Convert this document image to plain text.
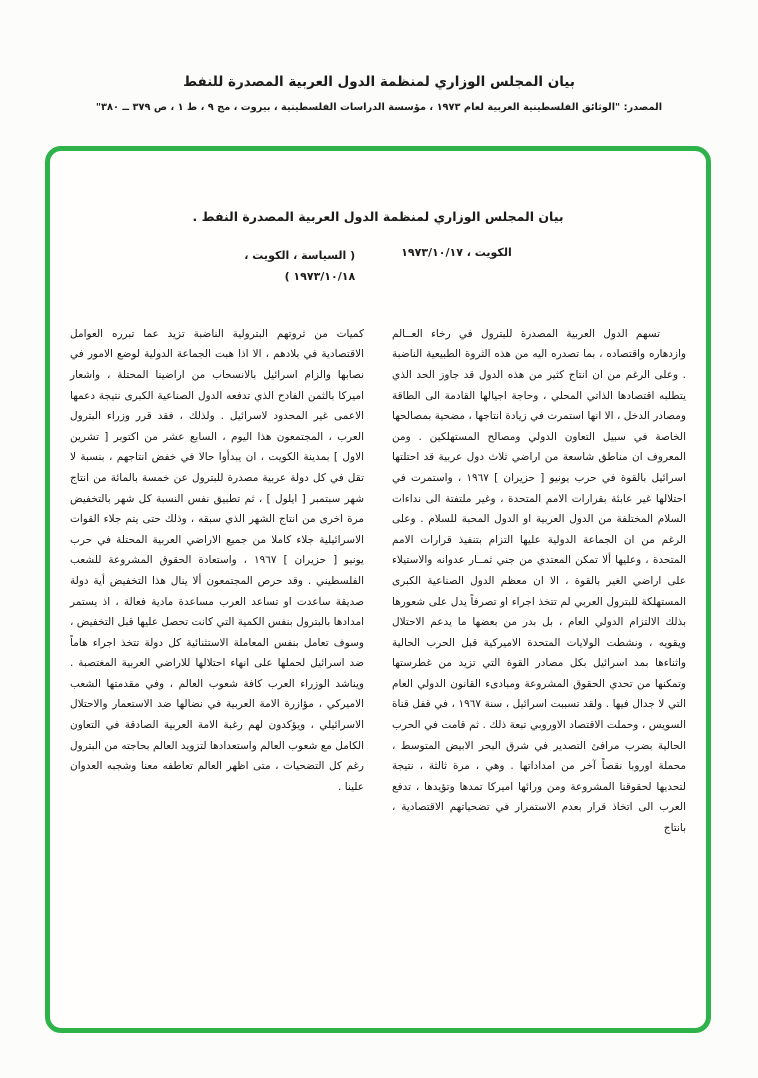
بيان المجلس الوزاري لمنظمة الدول العربية المصدرة للنفط
المصدر: "الوثائق الفلسطينية العربية لعام ١٩٧٣ ، مؤسسة الدراسات الفلسطينية ، بيروت ، مج ٩ ، ط ١ ، ص ٣٧٩ ــ ٣٨٠"
بيان المجلس الوزاري لمنظمة الدول العربية المصدرة النفط .
الكويت ، ١٩٧٣/١٠/١٧
( السياسة ، الكويت ،
١٩٧٣/١٠/١٨ )
تسهم الدول العربية المصدرة للبترول في رخاء العــالم وازدهاره واقتصاده ، بما تصدره اليه من هذه الثروة الطبيعية الناضبة . وعلى الرغم من ان انتاج كثير من هذه الدول قد جاوز الحد الذي يتطلبه اقتصادها الذاتي المحلي ، وحاجة اجيالها القادمة الى الطاقة ومصادر الدخل ، الا انها استمرت في زيادة انتاجها ، مضحية بمصالحها الخاصة في سبيل التعاون الدولي ومصالح المستهلكين . ومن المعروف ان مناطق شاسعة من اراضي ثلاث دول عربية قد احتلتها اسرائيل بالقوة في حرب يونيو [ حزيران ] ١٩٦٧ ، واستمرت في احتلالها غير عابئة بقرارات الامم المتحدة ، وغير ملتفتة الى نداءات السلام المختلفة من الدول العربية او الدول المحبة للسلام . وعلى الرغم من ان الجماعة الدولية عليها التزام بتنفيذ قرارات الامم المتحدة ، وعليها ألا تمكن المعتدي من جني ثمــار عدوانه والاستيلاء على اراضي الغير بالقوة ، الا ان معظم الدول الصناعية الكبرى المستهلكة للبترول العربي لم تتخذ اجراء او تصرفاً يدل على شعورها بذلك الالتزام الدولي العام ، بل بدر من بعضها ما يدعم الاحتلال ويقويه ، ونشطت الولايات المتحدة الاميركية قبل الحرب الحالية واثناءها بمد اسرائيل بكل مصادر القوة التي تزيد من غطرستها وتمكنها من تحدي الحقوق المشروعة ومبادىء القانون الدولي العام التي لا جدال فيها . ولقد تسببت اسرائيل ، سنة ١٩٦٧ ، في قفل قناة السويس ، وحملت الاقتصاد الاوروبي تبعة ذلك . ثم قامت في الحرب الحالية بضرب مرافئ التصدير في شرق البحر الابيض المتوسط ، محملة اوروبا نقصاً آخر من امداداتها . وهي ، مرة ثالثة ، نتيجة لتحديها لحقوقنا المشروعة ومن ورائها اميركا تمدها وتؤيدها ، تدفع العرب الى اتخاذ قرار بعدم الاستمرار في تضحياتهم الاقتصادية ، بانتاج
كميات من ثروتهم البترولية الناضبة تزيد عما تبرره العوامل الاقتصادية في بلادهم ، الا اذا هبت الجماعة الدولية لوضع الامور في نصابها والزام اسرائيل بالانسحاب من اراضينا المحتلة ، واشعار اميركا بالثمن الفادح الذي تدفعه الدول الصناعية الكبرى نتيجة دعمها الاعمى غير المحدود لاسرائيل . ولذلك ، فقد قرر وزراء البترول العرب ، المجتمعون هذا اليوم ، السابع عشر من اكتوبر [ تشرين الاول ] بمدينة الكويت ، ان يبدأوا حالا في خفض انتاجهم ، بنسبة لا تقل في كل دولة عربية مصدرة للبترول عن خمسة بالمائة من انتاج شهر سبتمبر [ ايلول ] ، ثم تطبيق نفس النسبة كل شهر بالتخفيض مرة اخرى من انتاج الشهر الذي سبقه ، وذلك حتى يتم جلاء القوات الاسرائيلية جلاء كاملا من جميع الاراضي العربية المحتلة في حرب يونيو [ حزيران ] ١٩٦٧ ، واستعادة الحقوق المشروعة للشعب الفلسطيني . وقد حرص المجتمعون ألا ينال هذا التخفيض أية دولة صديقة ساعدت او تساعد العرب مساعدة مادية فعالة ، اذ يستمر امدادها بالبترول بنفس الكمية التي كانت تحصل عليها قبل التخفيض ، وسوف تعامل بنفس المعاملة الاستثنائية كل دولة تتخذ اجراء هاماً ضد اسرائيل لحملها على انهاء احتلالها للاراضي العربية المغتصبة . ويناشد الوزراء العرب كافة شعوب العالم ، وفي مقدمتها الشعب الاميركي ، مؤازرة الامة العربية في نضالها ضد الاستعمار والاحتلال الاسرائيلي ، ويؤكدون لهم رغبة الامة العربية الصادقة في التعاون الكامل مع شعوب العالم واستعدادها لتزويد العالم بحاجته من البترول رغم كل التضحيات ، متى اظهر العالم تعاطفه معنا وشجبه العدوان علينا .
